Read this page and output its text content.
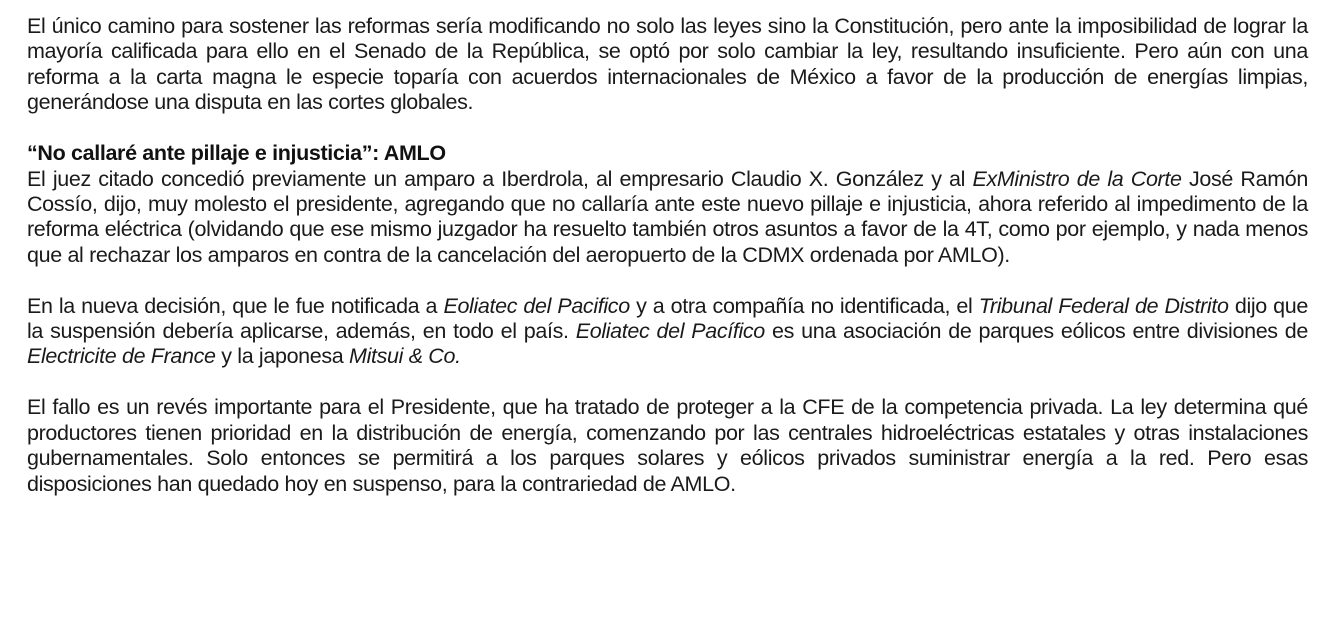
El único camino para sostener las reformas sería modificando no solo las leyes sino la Constitución, pero ante la imposibilidad de lograr la mayoría calificada para ello en el Senado de la República, se optó por solo cambiar la ley, resultando insuficiente. Pero aún con una reforma a la carta magna le especie toparía con acuerdos internacionales de México a favor de la producción de energías limpias, generándose una disputa en las cortes globales.

“No callaré ante pillaje e injusticia”: AMLO

El juez citado concedió previamente un amparo a Iberdrola, al empresario Claudio X. González y al ExMinistro de la Corte José Ramón Cossío, dijo, muy molesto el presidente, agregando que no callaría ante este nuevo pillaje e injusticia, ahora referido al impedimento de la reforma eléctrica (olvidando que ese mismo juzgador ha resuelto también otros asuntos a favor de la 4T, como por ejemplo, y nada menos que al rechazar los amparos en contra de la cancelación del aeropuerto de la CDMX ordenada por AMLO).

En la nueva decisión, que le fue notificada a Eoliatec del Pacifico y a otra compañía no identificada, el Tribunal Federal de Distrito dijo que la suspensión debería aplicarse, además, en todo el país. Eoliatec del Pacífico es una asociación de parques eólicos entre divisiones de Electricite de France y la japonesa Mitsui & Co.

El fallo es un revés importante para el Presidente, que ha tratado de proteger a la CFE de la competencia privada. La ley determina qué productores tienen prioridad en la distribución de energía, comenzando por las centrales hidroeléctricas estatales y otras instalaciones gubernamentales. Solo entonces se permitirá a los parques solares y eólicos privados suministrar energía a la red. Pero esas disposiciones han quedado hoy en suspenso, para la contrariedad de AMLO.
